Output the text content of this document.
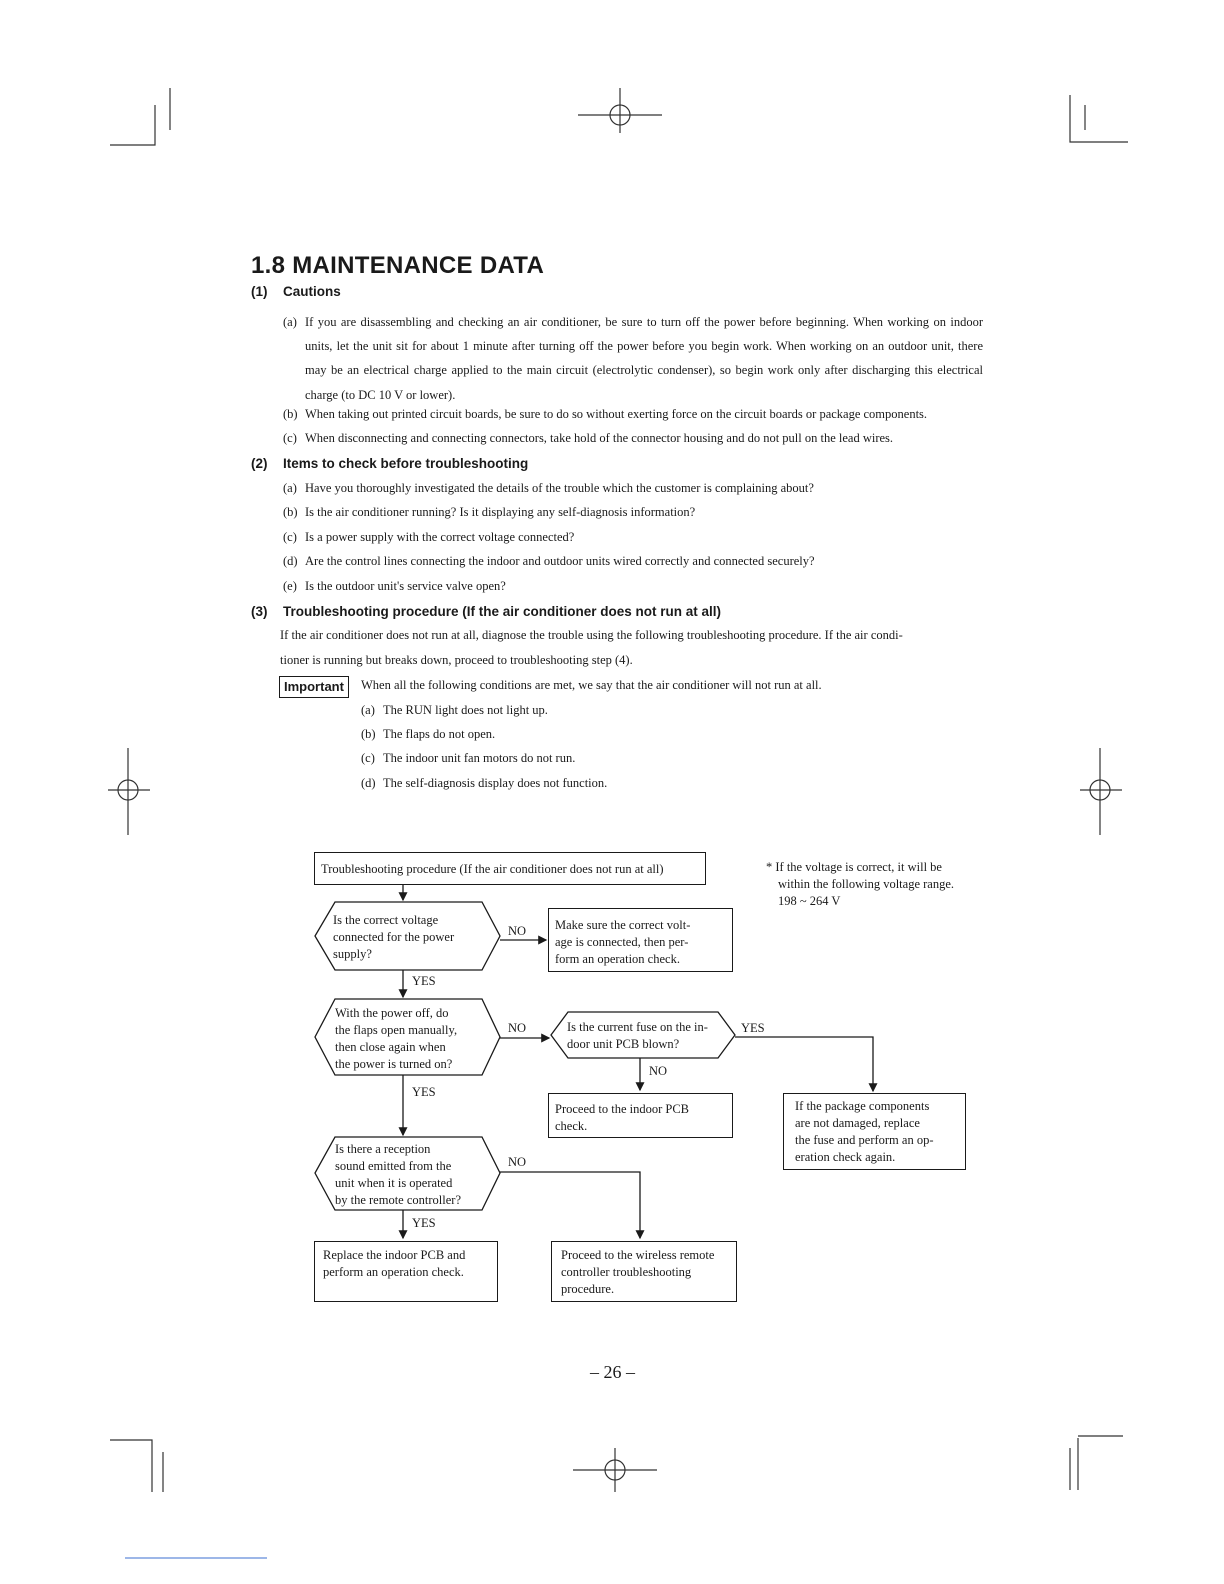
1.8 MAINTENANCE DATA
(1) Cautions
(a) If you are disassembling and checking an air conditioner, be sure to turn off the power before beginning. When working on indoor units, let the unit sit for about 1 minute after turning off the power before you begin work. When working on an outdoor unit, there may be an electrical charge applied to the main circuit (electrolytic condenser), so begin work only after discharging this electrical charge (to DC 10 V or lower).
(b) When taking out printed circuit boards, be sure to do so without exerting force on the circuit boards or package components.
(c) When disconnecting and connecting connectors, take hold of the connector housing and do not pull on the lead wires.
(2) Items to check before troubleshooting
(a) Have you thoroughly investigated the details of the trouble which the customer is complaining about?
(b) Is the air conditioner running? Is it displaying any self-diagnosis information?
(c) Is a power supply with the correct voltage connected?
(d) Are the control lines connecting the indoor and outdoor units wired correctly and connected securely?
(e) Is the outdoor unit's service valve open?
(3) Troubleshooting procedure (If the air conditioner does not run at all)
If the air conditioner does not run at all, diagnose the trouble using the following troubleshooting procedure. If the air condi-
tioner is running but breaks down, proceed to troubleshooting step (4).
Important	When all the following conditions are met, we say that the air conditioner will not run at all.
(a) The RUN light does not light up.
(b) The flaps do not open.
(c) The indoor unit fan motors do not run.
(d) The self-diagnosis display does not function.
Troubleshooting procedure (If the air conditioner does not run at all)	* If the voltage is correct, it will be
within the following voltage range.
198 ~ 264 V
Is the correct voltage
connected for the power
supply?
NO Make sure the correct volt-
age is connected, then per-
form an operation check.
YES
With the power off, do
the flaps open manually,
then close again when
the power is turned on?
NO	Is the current fuse on the in-
door unit PCB blown?
YES
NO
Proceed to the indoor PCB
check.
If the package components
are not damaged, replace
the fuse and perform an op-
eration check again.
YES
Is there a reception
sound emitted from the
unit when it is operated
by the remote controller?
NO
YES
Replace the indoor PCB and
perform an operation check.
Proceed to the wireless remote
controller troubleshooting
procedure.
– 26 –
